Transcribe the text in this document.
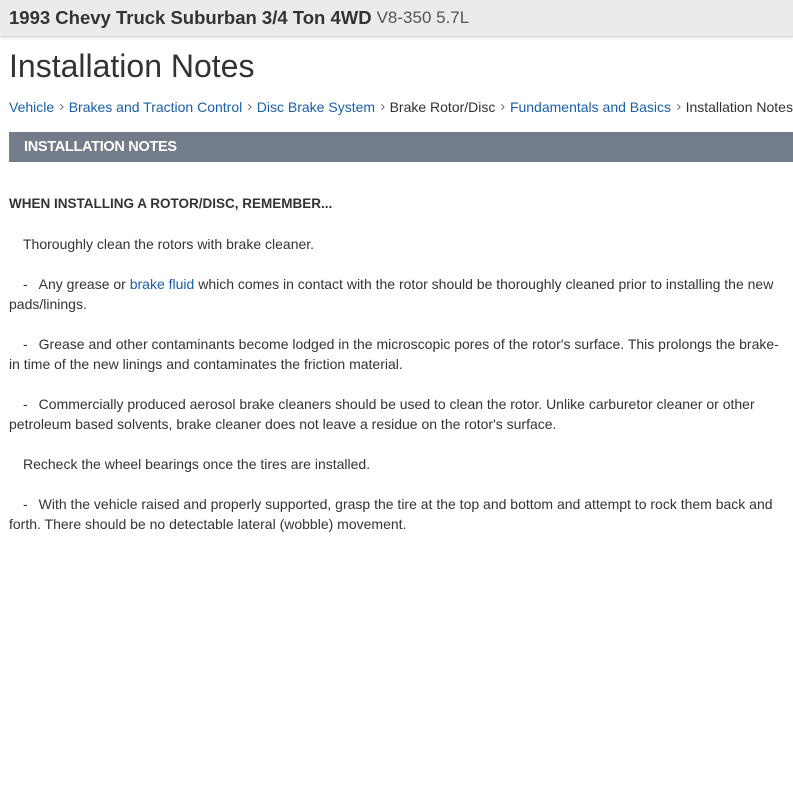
1993 Chevy Truck Suburban 3/4 Ton 4WD V8-350 5.7L
Installation Notes
Vehicle Brakes and Traction Control Disc Brake System Brake Rotor/Disc Fundamentals and Basics Installation Notes
INSTALLATION NOTES

WHEN INSTALLING A ROTOR/DISC, REMEMBER...

Thoroughly clean the rotors with brake cleaner.

- Any grease or brake fluid which comes in contact with the rotor should be thoroughly cleaned prior to installing the new pads/linings.

- Grease and other contaminants become lodged in the microscopic pores of the rotor's surface. This prolongs the brake-in time of the new linings and contaminates the friction material.

- Commercially produced aerosol brake cleaners should be used to clean the rotor. Unlike carburetor cleaner or other petroleum based solvents, brake cleaner does not leave a residue on the rotor's surface.

Recheck the wheel bearings once the tires are installed.

- With the vehicle raised and properly supported, grasp the tire at the top and bottom and attempt to rock them back and forth. There should be no detectable lateral (wobble) movement.
